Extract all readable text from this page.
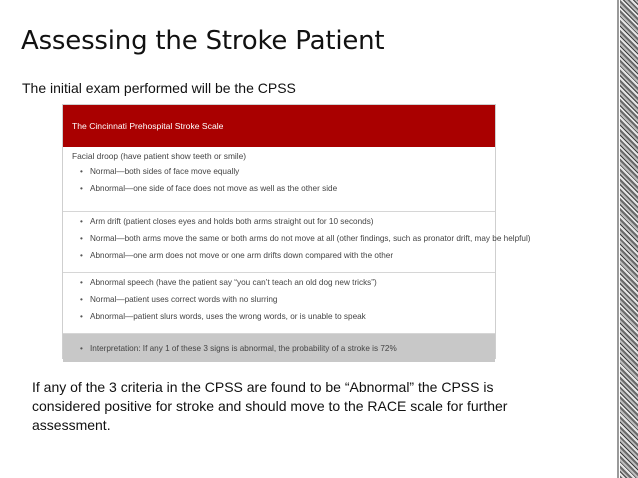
Assessing the Stroke Patient
The initial exam performed will be the CPSS
The Cincinnati Prehospital Stroke Scale
Facial droop (have patient show teeth or smile)
• Normal—both sides of face move equally
• Abnormal—one side of face does not move as well as the other side
• Arm drift (patient closes eyes and holds both arms straight out for 10 seconds)
• Normal—both arms move the same or both arms do not move at all (other findings, such as pronator drift, may be helpful)
• Abnormal—one arm does not move or one arm drifts down compared with the other
• Abnormal speech (have the patient say “you can’t teach an old dog new tricks”)
• Normal—patient uses correct words with no slurring
• Abnormal—patient slurs words, uses the wrong words, or is unable to speak
• Interpretation: If any 1 of these 3 signs is abnormal, the probability of a stroke is 72%
If any of the 3 criteria in the CPSS are found to be “Abnormal” the CPSS is considered positive for stroke and should move to the RACE scale for further assessment.
